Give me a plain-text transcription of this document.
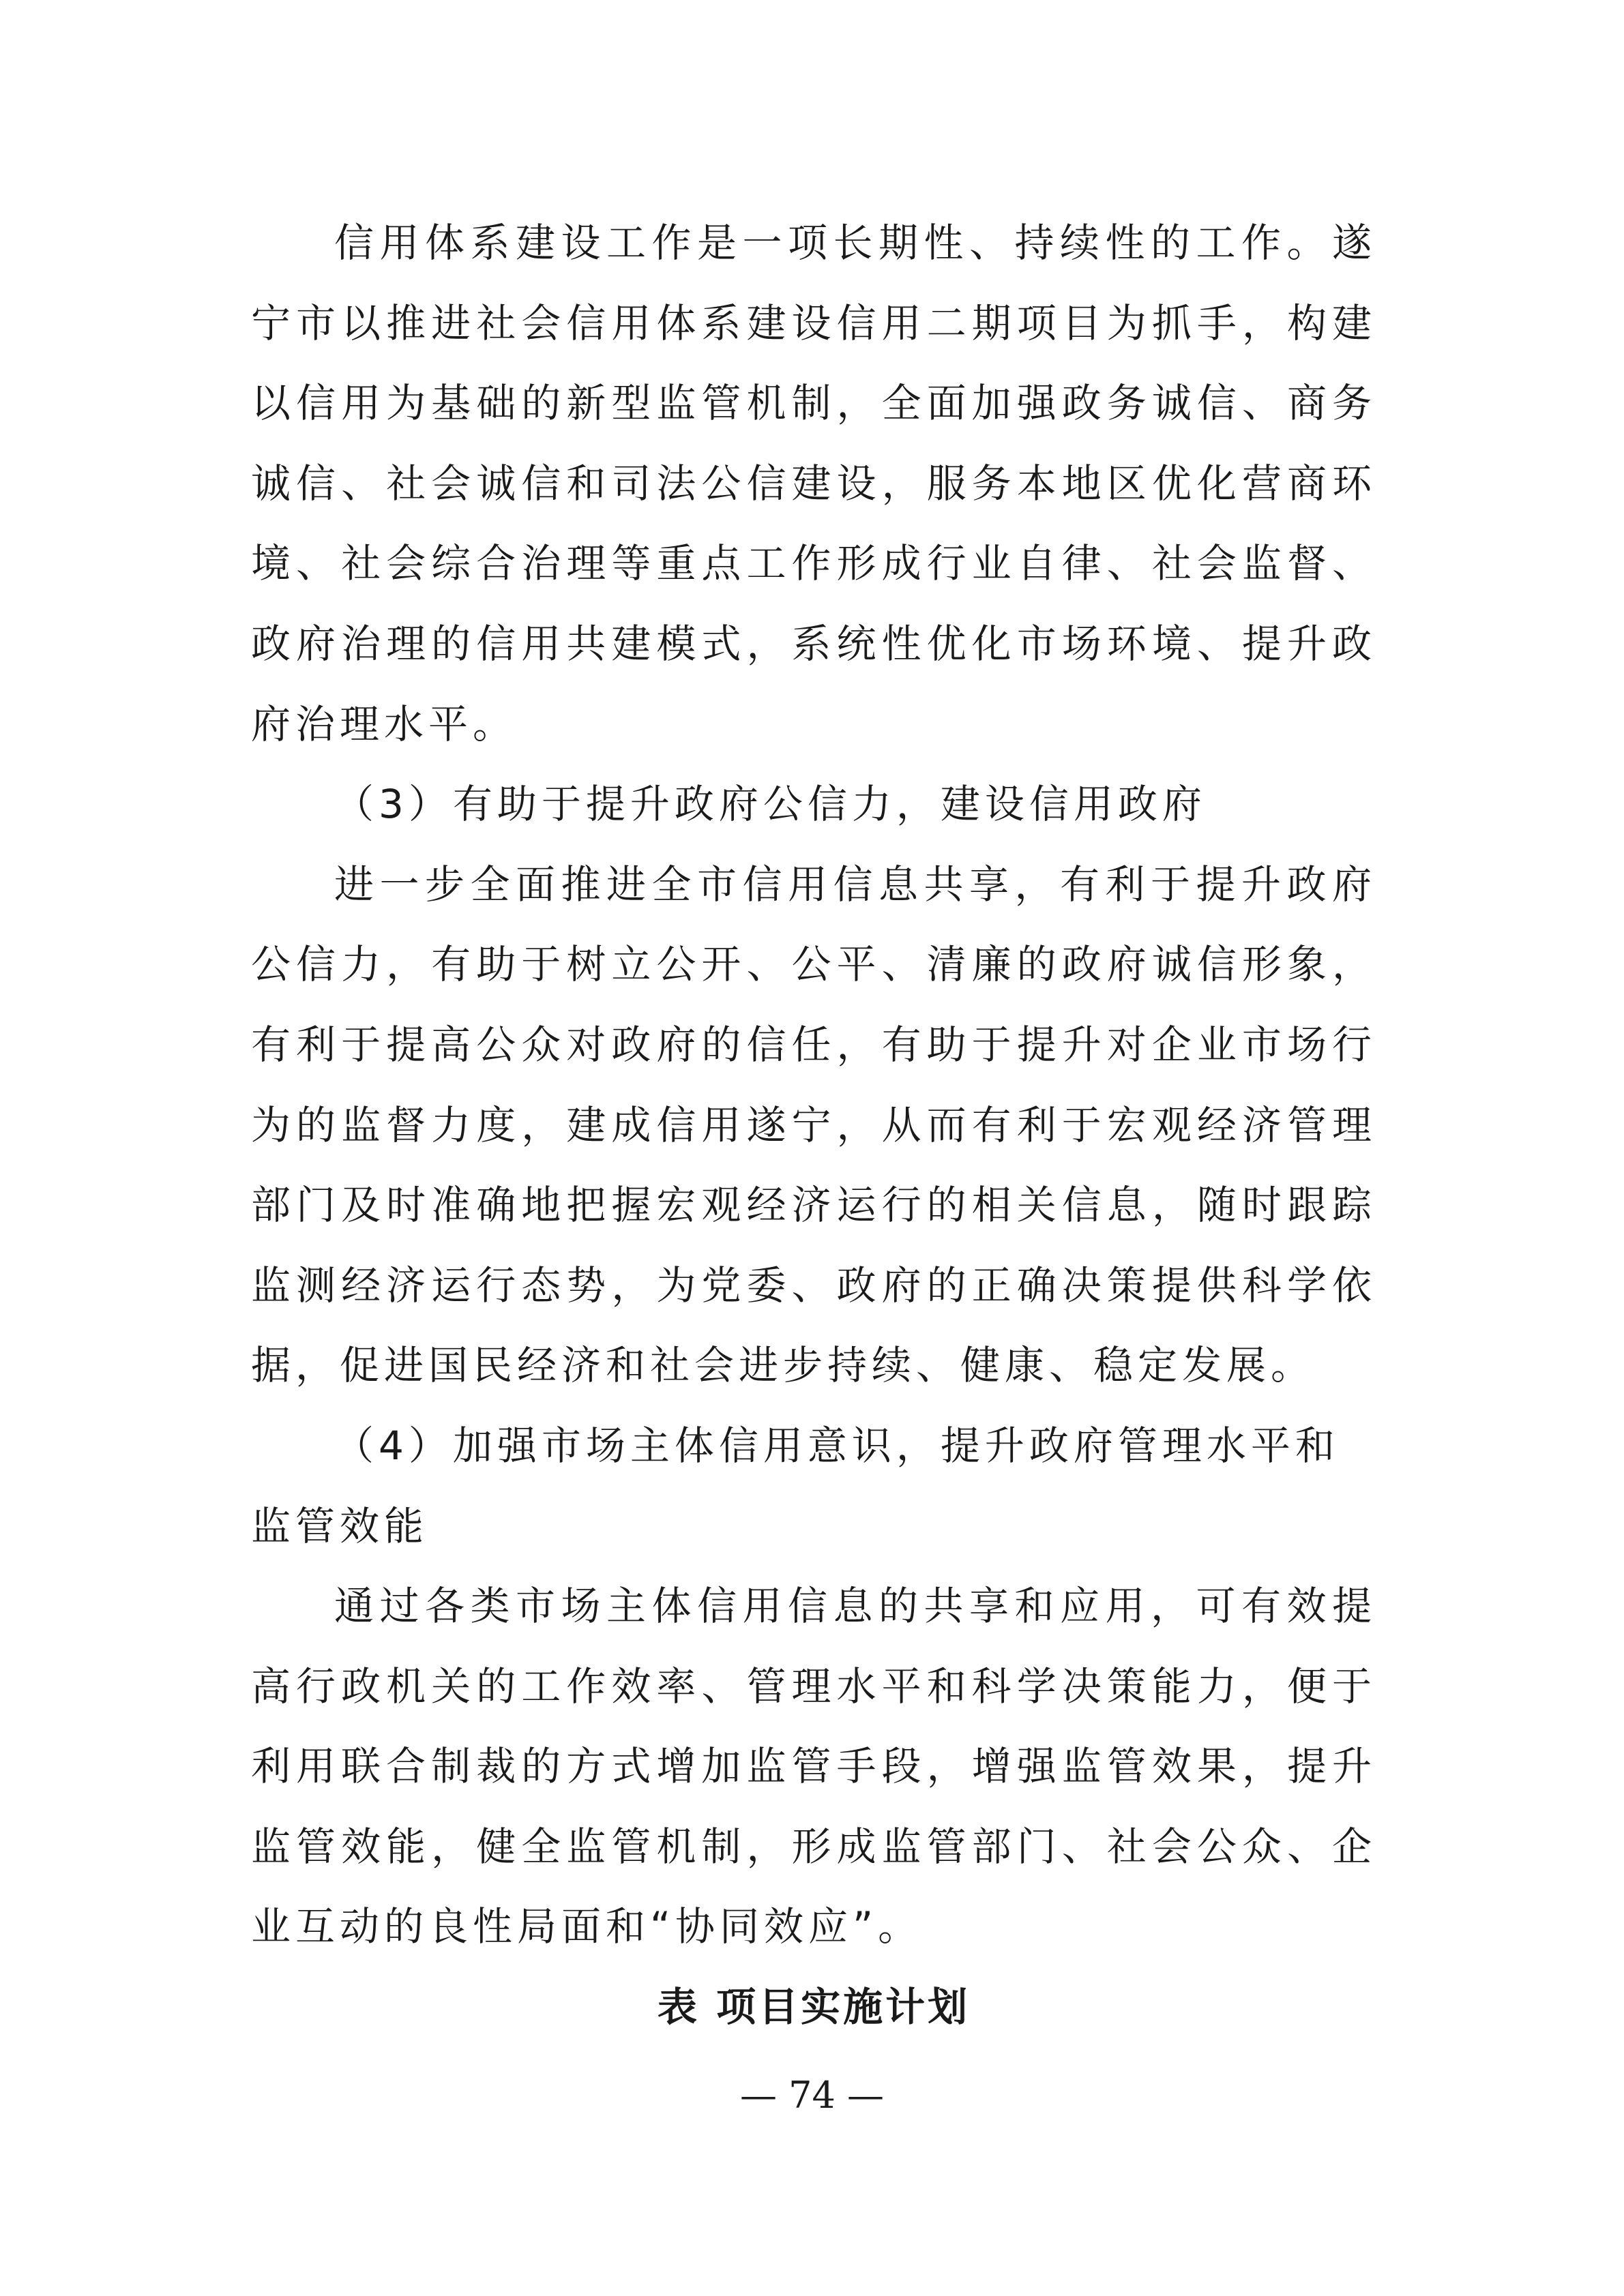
信用体系建设工作是一项长期性、持续性的工作。遂宁市以推进社会信用体系建设信用二期项目为抓手，构建以信用为基础的新型监管机制，全面加强政务诚信、商务诚信、社会诚信和司法公信建设，服务本地区优化营商环境、社会综合治理等重点工作形成行业自律、社会监督、政府治理的信用共建模式，系统性优化市场环境、提升政府治理水平。

（3）有助于提升政府公信力，建设信用政府

进一步全面推进全市信用信息共享，有利于提升政府公信力，有助于树立公开、公平、清廉的政府诚信形象，有利于提高公众对政府的信任，有助于提升对企业市场行为的监督力度，建成信用遂宁，从而有利于宏观经济管理部门及时准确地把握宏观经济运行的相关信息，随时跟踪监测经济运行态势，为党委、政府的正确决策提供科学依据，促进国民经济和社会进步持续、健康、稳定发展。

（4）加强市场主体信用意识，提升政府管理水平和监管效能

通过各类市场主体信用信息的共享和应用，可有效提高行政机关的工作效率、管理水平和科学决策能力，便于利用联合制裁的方式增加监管手段，增强监管效果，提升监管效能，健全监管机制，形成监管部门、社会公众、企业互动的良性局面和“协同效应”。

表 项目实施计划

— 74 —
